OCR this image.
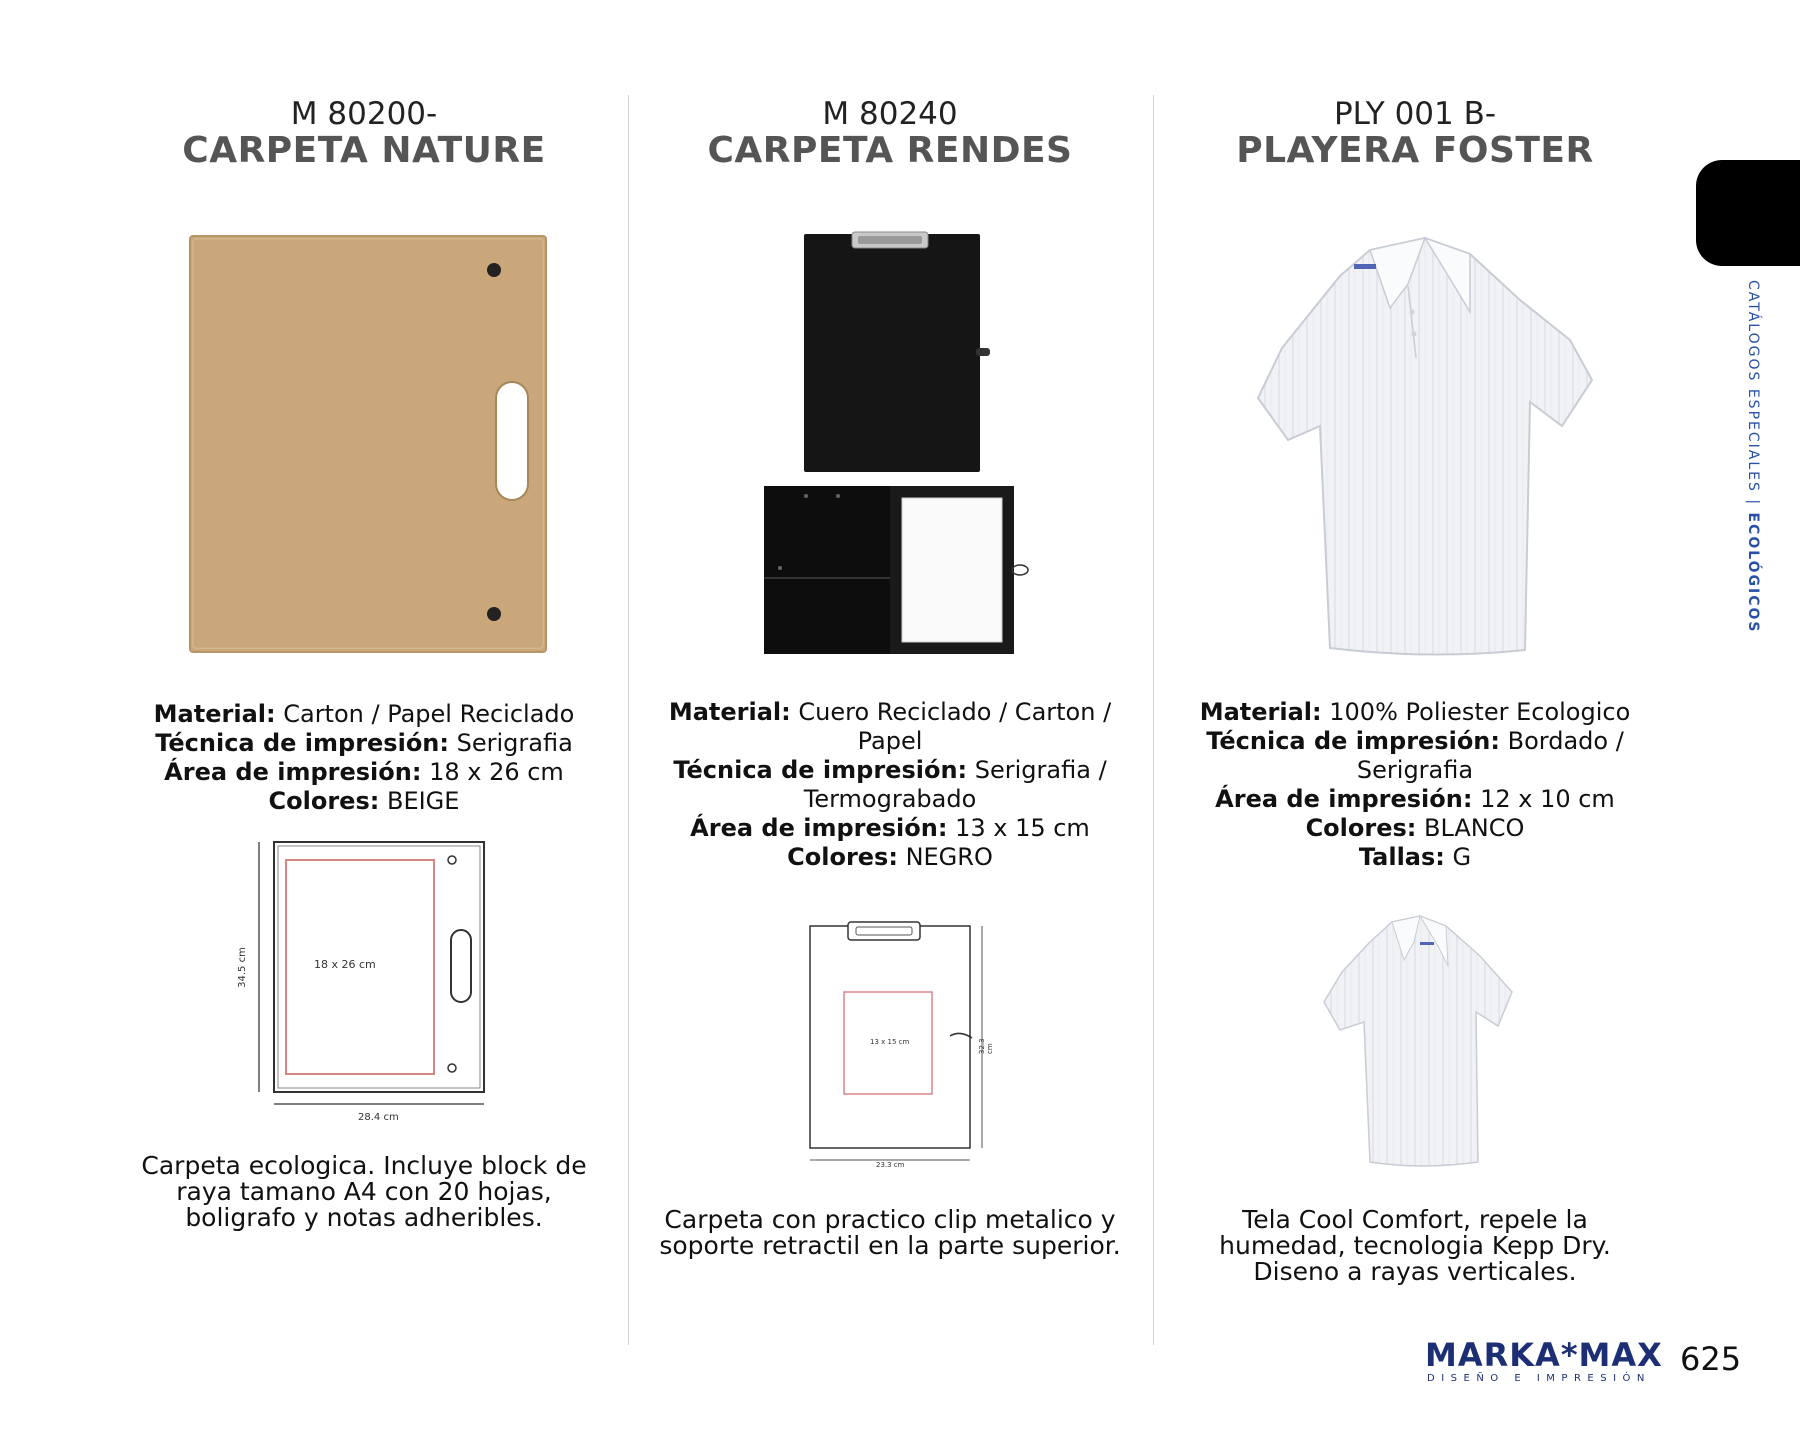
M 80200-
CARPETA NATURE
Material: Carton / Papel Reciclado
Técnica de impresión: Serigrafia
Área de impresión: 18 x 26 cm
Colores: BEIGE
18 x 26 cm
34.5 cm
28.4 cm
Carpeta ecologica. Incluye block de
raya tamano A4 con 20 hojas,
boligrafo y notas adheribles.
M 80240
CARPETA RENDES
Material: Cuero Reciclado / Carton /
Papel
Técnica de impresión: Serigrafia /
Termograbado
Área de impresión: 13 x 15 cm
Colores: NEGRO
13 x 15 cm	32.3 cm
23.3 cm
Carpeta con practico clip metalico y
soporte retractil en la parte superior.
PLY 001 B-
PLAYERA FOSTER
Material: 100% Poliester Ecologico
Técnica de impresión: Bordado /
Serigrafia
Área de impresión: 12 x 10 cm
Colores: BLANCO
Tallas: G
Tela Cool Comfort, repele la
humedad, tecnologia Kepp Dry.
Diseno a rayas verticales.
CATÁLOGOS ESPECIALES | ECOLÓGICOS
MARKA*MAX
DISEÑO E IMPRESIÓN
625
